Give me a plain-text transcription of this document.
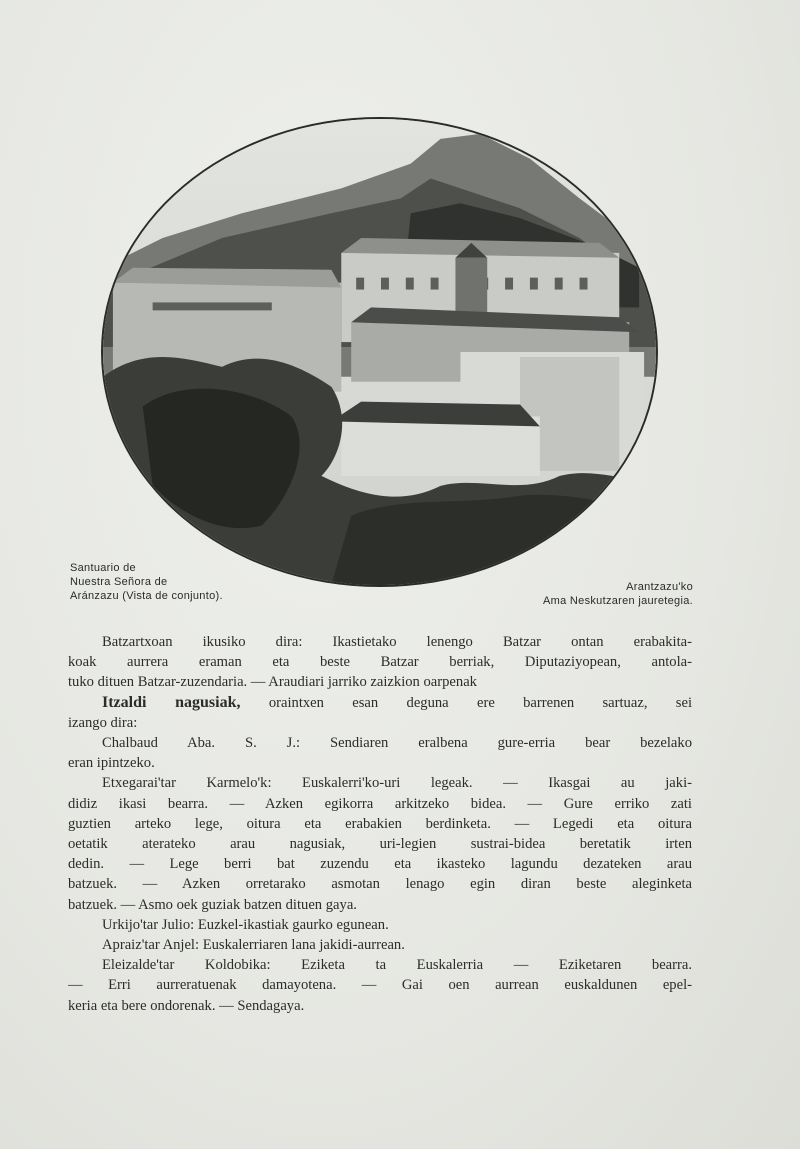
Santuario de
Nuestra Señora de
Aránzazu (Vista de conjunto).
Arantzazu'ko
Ama Neskutzaren jauretegia.
Batzartxoan ikusiko dira: Ikastietako lenengo Batzar ontan erabakita-
koak aurrera eraman eta beste Batzar berriak, Diputaziyopean, antola-
tuko dituen Batzar-zuzendaria. — Araudiari jarriko zaizkion oarpenak
Itzaldi nagusiak, oraintxen esan deguna ere barrenen sartuaz, sei
izango dira:
Chalbaud Aba. S. J.: Sendiaren eralbena gure-erria bear bezelako
eran ipintzeko.
Etxegarai'tar Karmelo'k: Euskalerri'ko-uri legeak. — Ikasgai au jaki-
didiz ikasi bearra. — Azken egikorra arkitzeko bidea. — Gure erriko zati
guztien arteko lege, oitura eta erabakien berdinketa. — Legedi eta oitura
oetatik aterateko arau nagusiak, uri-legien sustrai-bidea beretatik irten
dedin. — Lege berri bat zuzendu eta ikasteko lagundu dezateken arau
batzuek. — Azken orretarako asmotan lenago egin diran beste aleginketa
batzuek. — Asmo oek guziak batzen dituen gaya.
Urkijo'tar Julio: Euzkel-ikastiak gaurko egunean.
Apraiz'tar Anjel: Euskalerriaren lana jakidi-aurrean.
Eleizalde'tar Koldobika: Eziketa ta Euskalerria — Eziketaren bearra.
— Erri aurreratuenak damayotena. — Gai oen aurrean euskaldunen epel-
keria eta bere ondorenak. — Sendagaya.
